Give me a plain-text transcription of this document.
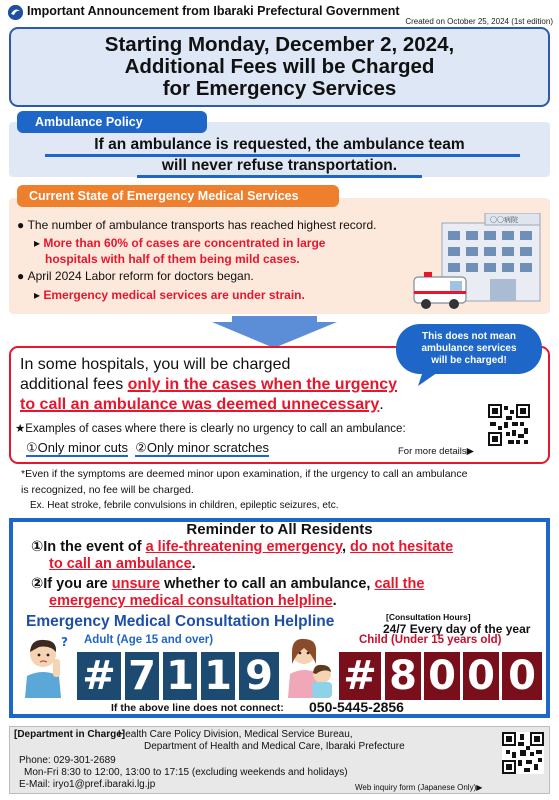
Important Announcement from Ibaraki Prefectural Government
Created on October 25, 2024 (1st edition)
Starting Monday, December 2, 2024,
Additional Fees will be Charged
for Emergency Services
Ambulance Policy
If an ambulance is requested, the ambulance team
will never refuse transportation.
Current State of Emergency Medical Services
● The number of ambulance transports has reached highest record.
▸ More than 60% of cases are concentrated in large
hospitals with half of them being mild cases.
● April 2024 Labor reform for doctors began.
▸ Emergency medical services are under strain.
〇〇病院
In some hospitals, you will be charged
additional fees only in the cases when the urgency
to call an ambulance was deemed unnecessary.
★Examples of cases where there is clearly no urgency to call an ambulance:
①Only minor cuts ②Only minor scratches	For more details▶
This does not mean
ambulance services
will be charged!
*Even if the symptoms are deemed minor upon examination, if the urgency to call an ambulance
is recognized, no fee will be charged.
Ex. Heat stroke, febrile convulsions in children, epileptic seizures, etc.
Reminder to All Residents
①In the event of a life-threatening emergency, do not hesitate
to call an ambulance.
②If you are unsure whether to call an ambulance, call the
emergency medical consultation helpline.
Emergency Medical Consultation Helpline	[Consultation Hours]
24/7 Every day of the year
Adult (Age 15 and over)	Child (Under 15 years old)
?
# 7 1 1 9 # 8 0 0 0
If the above line does not connect: 050-5445-2856
[Department in Charge]
Health Care Policy Division, Medical Service Bureau,
Department of Health and Medical Care, Ibaraki Prefecture
Phone: 029-301-2689
Mon-Fri 8:30 to 12:00, 13:00 to 17:15 (excluding weekends and holidays)
E-Mail: iryo1@pref.ibaraki.lg.jp	Web inquiry form (Japanese Only)▶
